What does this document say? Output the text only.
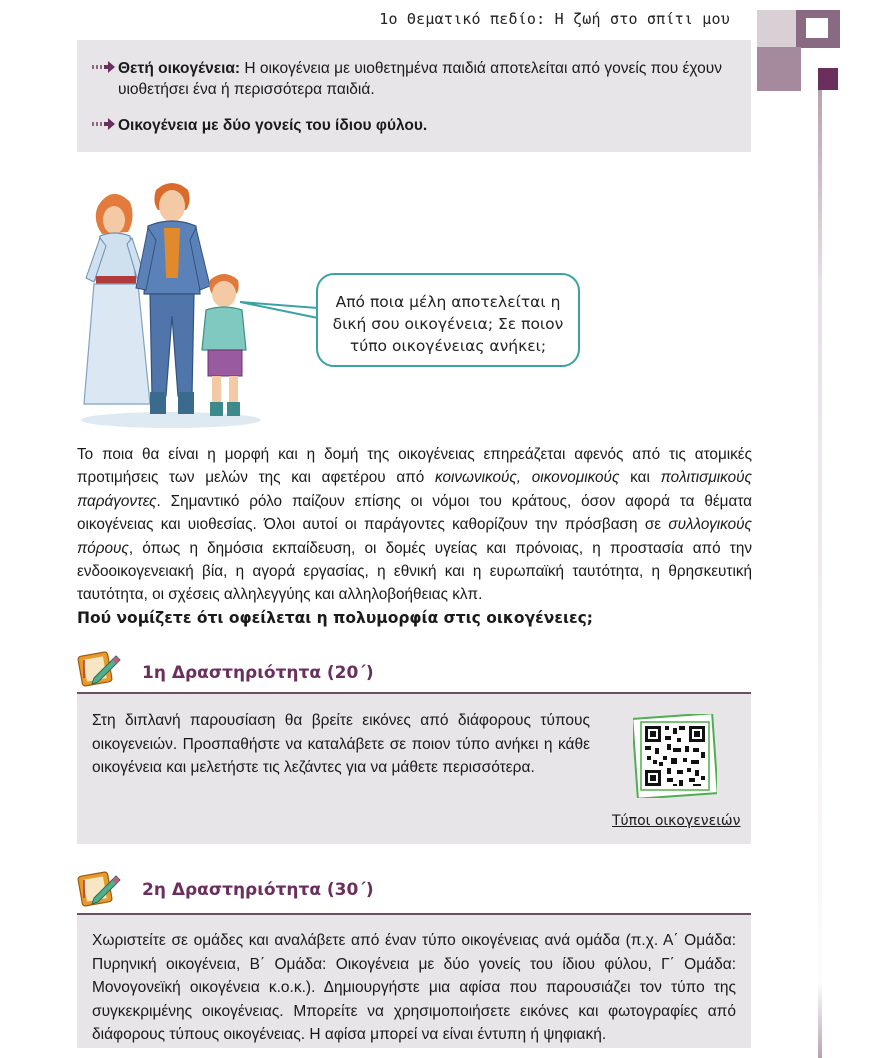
1ο Θεματικό πεδίο: Η ζωή στο σπίτι μου
Θετή οικογένεια: Η οικογένεια με υιοθετημένα παιδιά αποτελείται από γονείς που έχουν υιοθετήσει ένα ή περισσότερα παιδιά.
Οικογένεια με δύο γονείς του ίδιου φύλου.
Από ποια μέλη αποτελείται η δική σου οικογένεια; Σε ποιον τύπο οικογένειας ανήκει;

Το ποια θα είναι η μορφή και η δομή της οικογένειας επηρεάζεται αφενός από τις ατομικές προτιμήσεις των μελών της και αφετέρου από κοινωνικούς, οικονομικούς και πολιτισμικούς παράγοντες. Σημαντικό ρόλο παίζουν επίσης οι νόμοι του κράτους, όσον αφορά τα θέματα οικογένειας και υιοθεσίας. Όλοι αυτοί οι παράγοντες καθορίζουν την πρόσβαση σε συλλογικούς πόρους, όπως η δημόσια εκπαίδευση, οι δομές υγείας και πρόνοιας, η προστασία από την ενδοοικογενειακή βία, η αγορά εργασίας, η εθνική και η ευρωπαϊκή ταυτότητα, η θρησκευτική ταυτότητα, οι σχέσεις αλληλεγγύης και αλληλοβοήθειας κλπ.

Πού νομίζετε ότι οφείλεται η πολυμορφία στις οικογένειες;
1η Δραστηριότητα (20΄)
Στη διπλανή παρουσίαση θα βρείτε εικόνες από διάφορους τύπους οικογενειών. Προσπαθήστε να καταλάβετε σε ποιον τύπο ανήκει η κάθε οικογένεια και μελετήστε τις λεζάντες για να μάθετε περισσότερα.
Τύποι οικογενειών
2η Δραστηριότητα (30΄)
Χωριστείτε σε ομάδες και αναλάβετε από έναν τύπο οικογένειας ανά ομάδα (π.χ. Α΄ Ομάδα: Πυρηνική οικογένεια, Β΄ Ομάδα: Οικογένεια με δύο γονείς του ίδιου φύλου, Γ΄ Ομάδα: Μονογονεϊκή οικογένεια κ.ο.κ.). Δημιουργήστε μια αφίσα που παρουσιάζει τον τύπο της συγκεκριμένης οικογένειας. Μπορείτε να χρησιμοποιήσετε εικόνες και φωτογραφίες από διάφορους τύπους οικογένειας. Η αφίσα μπορεί να είναι έντυπη ή ψηφιακή.
